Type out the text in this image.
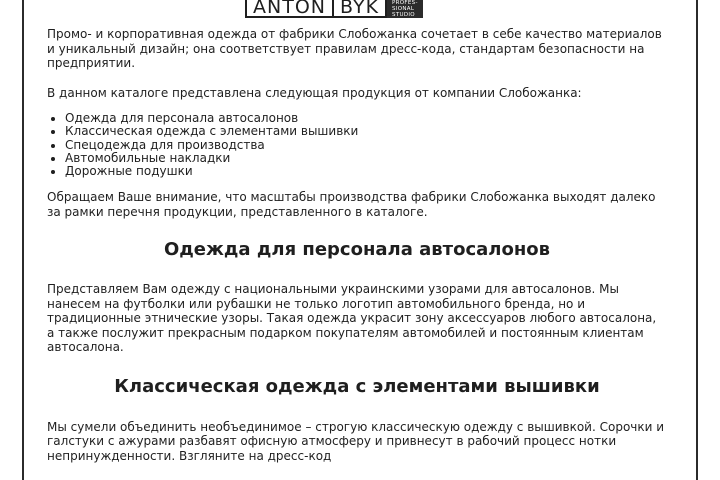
ANTON BYK	PROFES-
SIONAL
STUDIO

Промо- и корпоративная одежда от фабрики Слобожанка сочетает в себе качество материалов и уникальный дизайн; она соответствует правилам дресс-кода, стандартам безопасности на предприятии.

В данном каталоге представлена следующая продукция от компании Слобожанка:

• Одежда для персонала автосалонов
• Классическая одежда с элементами вышивки
• Спецодежда для производства
• Автомобильные накладки
• Дорожные подушки

Обращаем Ваше внимание, что масштабы производства фабрики Слобожанка выходят далеко за рамки перечня продукции, представленного в каталоге.

Одежда для персонала автосалонов

Представляем Вам одежду с национальными украинскими узорами для автосалонов. Мы нанесем на футболки или рубашки не только логотип автомобильного бренда, но и традиционные этнические узоры. Такая одежда украсит зону аксессуаров любого автосалона, а также послужит прекрасным подарком покупателям автомобилей и постоянным клиентам автосалона.

Классическая одежда с элементами вышивки

Мы сумели объединить необъединимое – строгую классическую одежду с вышивкой. Сорочки и галстуки с ажурами разбавят офисную атмосферу и привнесут в рабочий процесс нотки непринужденности. Взгляните на дресс-код
